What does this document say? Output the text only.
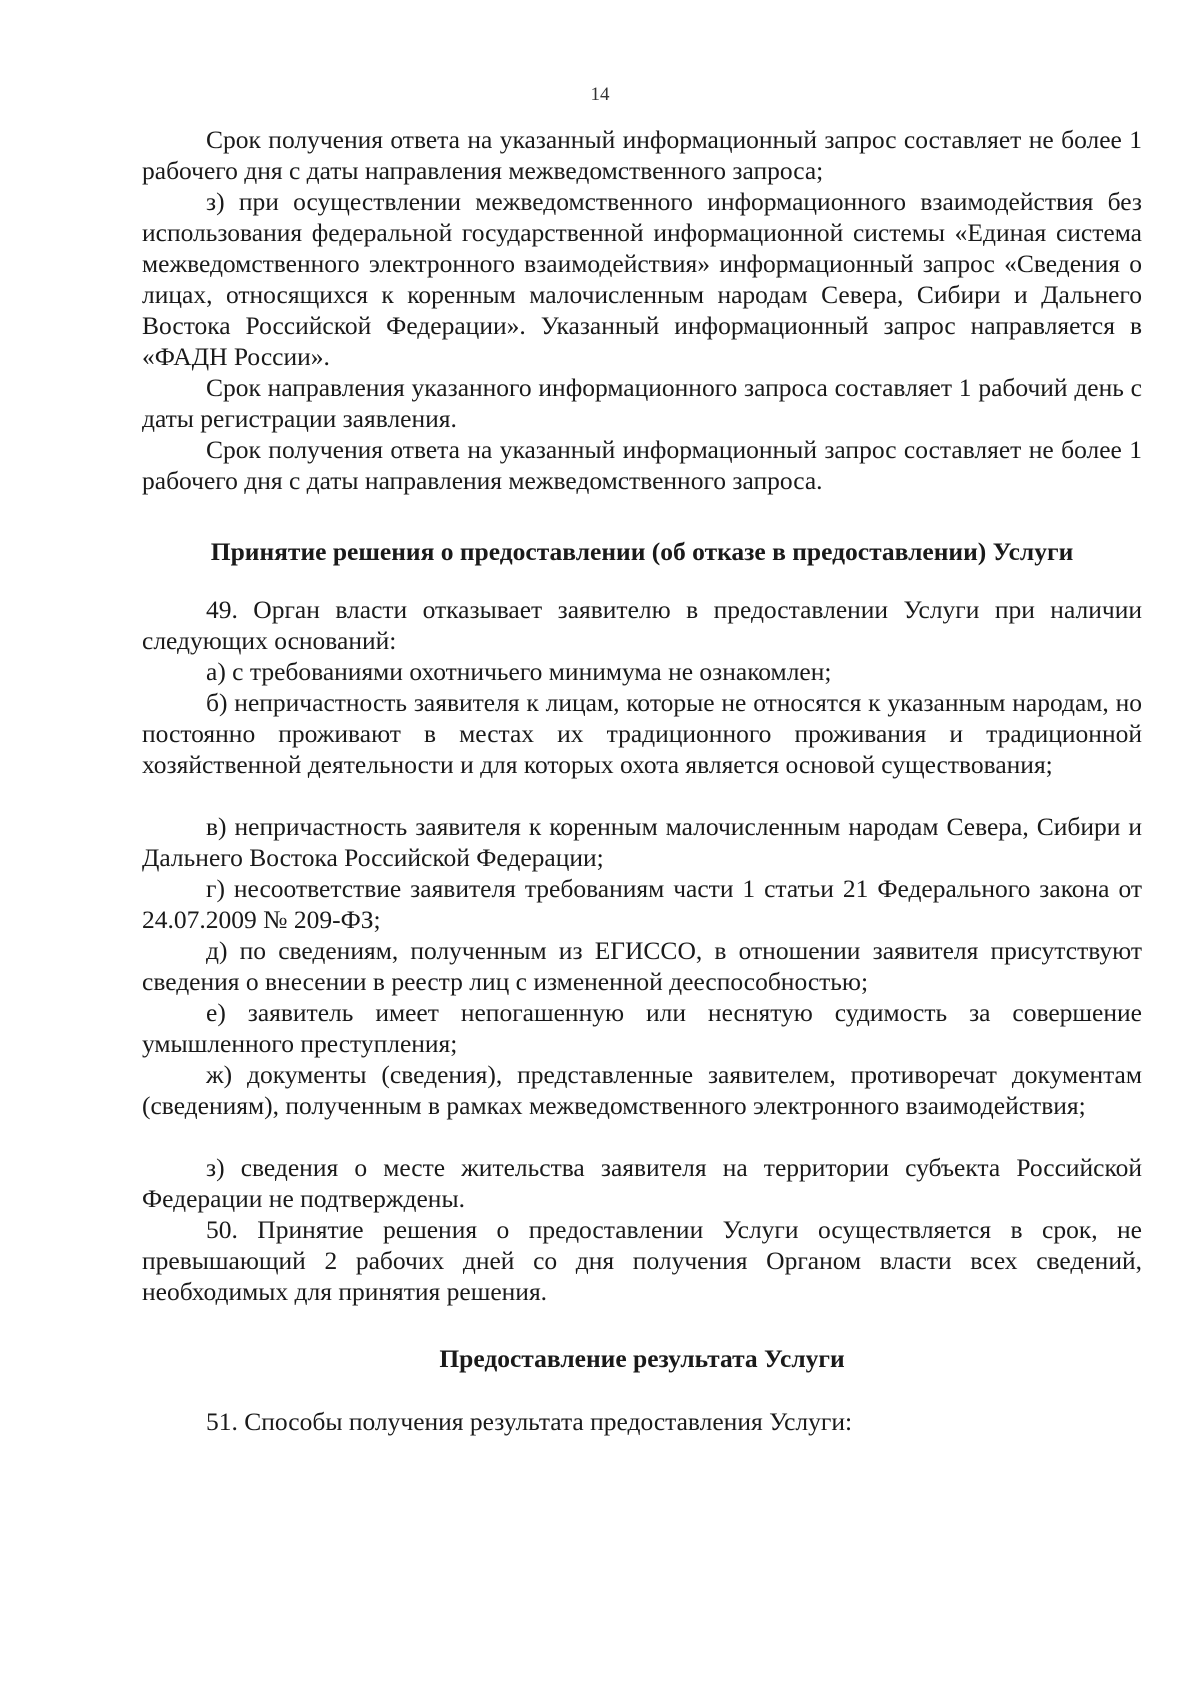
14
Срок получения ответа на указанный информационный запрос составляет не более 1 рабочего дня с даты направления межведомственного запроса;
з) при осуществлении межведомственного информационного взаимодействия без использования федеральной государственной информационной системы «Единая система межведомственного электронного взаимодействия» информационный запрос «Сведения о лицах, относящихся к коренным малочисленным народам Севера, Сибири и Дальнего Востока Российской Федерации». Указанный информационный запрос направляется в «ФАДН России».
Срок направления указанного информационного запроса составляет 1 рабочий день с даты регистрации заявления.
Срок получения ответа на указанный информационный запрос составляет не более 1 рабочего дня с даты направления межведомственного запроса.
Принятие решения о предоставлении (об отказе в предоставлении) Услуги
49. Орган власти отказывает заявителю в предоставлении Услуги при наличии следующих оснований:
а) с требованиями охотничьего минимума не ознакомлен;
б) непричастность заявителя к лицам, которые не относятся к указанным народам, но постоянно проживают в местах их традиционного проживания и традиционной хозяйственной деятельности и для которых охота является основой существования;
в) непричастность заявителя к коренным малочисленным народам Севера, Сибири и Дальнего Востока Российской Федерации;
г) несоответствие заявителя требованиям части 1 статьи 21 Федерального закона от 24.07.2009 № 209-ФЗ;
д) по сведениям, полученным из ЕГИССО, в отношении заявителя присутствуют сведения о внесении в реестр лиц с измененной дееспособностью;
е) заявитель имеет непогашенную или неснятую судимость за совершение умышленного преступления;
ж) документы (сведения), представленные заявителем, противоречат документам (сведениям), полученным в рамках межведомственного электронного взаимодействия;
з) сведения о месте жительства заявителя на территории субъекта Российской Федерации не подтверждены.
50. Принятие решения о предоставлении Услуги осуществляется в срок, не превышающий 2 рабочих дней со дня получения Органом власти всех сведений, необходимых для принятия решения.
Предоставление результата Услуги
51. Способы получения результата предоставления Услуги:
